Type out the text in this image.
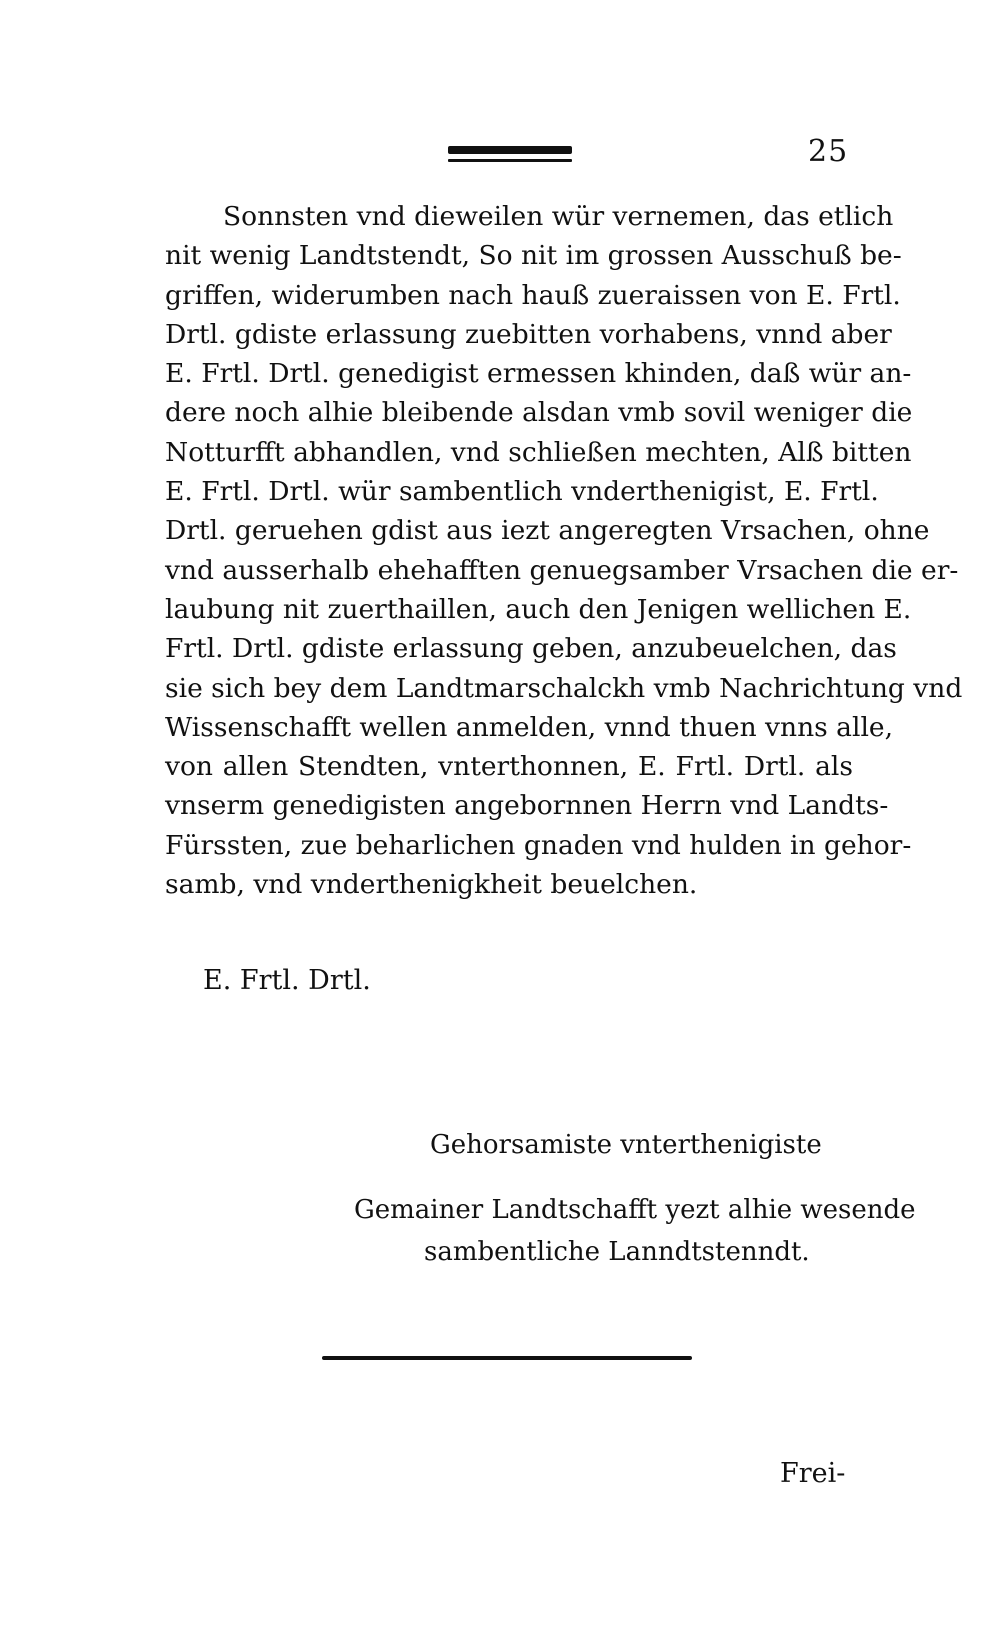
25
Sonnsten vnd dieweilen wür vernemen, das etlich
nit wenig Landtstendt, So nit im grossen Ausschuß be-
griffen, widerumben nach hauß zueraissen von E. Frtl.
Drtl. gdiste erlassung zuebitten vorhabens, vnnd aber
E. Frtl. Drtl. genedigist ermessen khinden, daß wür an-
dere noch alhie bleibende alsdan vmb sovil weniger die
Notturfft abhandlen, vnd schließen mechten, Alß bitten
E. Frtl. Drtl. wür sambentlich vnderthenigist, E. Frtl.
Drtl. geruehen gdist aus iezt angeregten Vrsachen, ohne
vnd ausserhalb ehehafften genuegsamber Vrsachen die er-
laubung nit zuerthaillen, auch den Jenigen wellichen E.
Frtl. Drtl. gdiste erlassung geben, anzubeuelchen, das
sie sich bey dem Landtmarschalckh vmb Nachrichtung vnd
Wissenschafft wellen anmelden, vnnd thuen vnns alle,
von allen Stendten, vnterthonnen, E. Frtl. Drtl. als
vnserm genedigisten angebornnen Herrn vnd Landts-
Fürssten, zue beharlichen gnaden vnd hulden in gehor-
samb, vnd vnderthenigkheit beuelchen.
E. Frtl. Drtl.
Gehorsamiste vnterthenigiste
Gemainer Landtschafft yezt alhie wesende
sambentliche Lanndtstenndt.
Frei-
